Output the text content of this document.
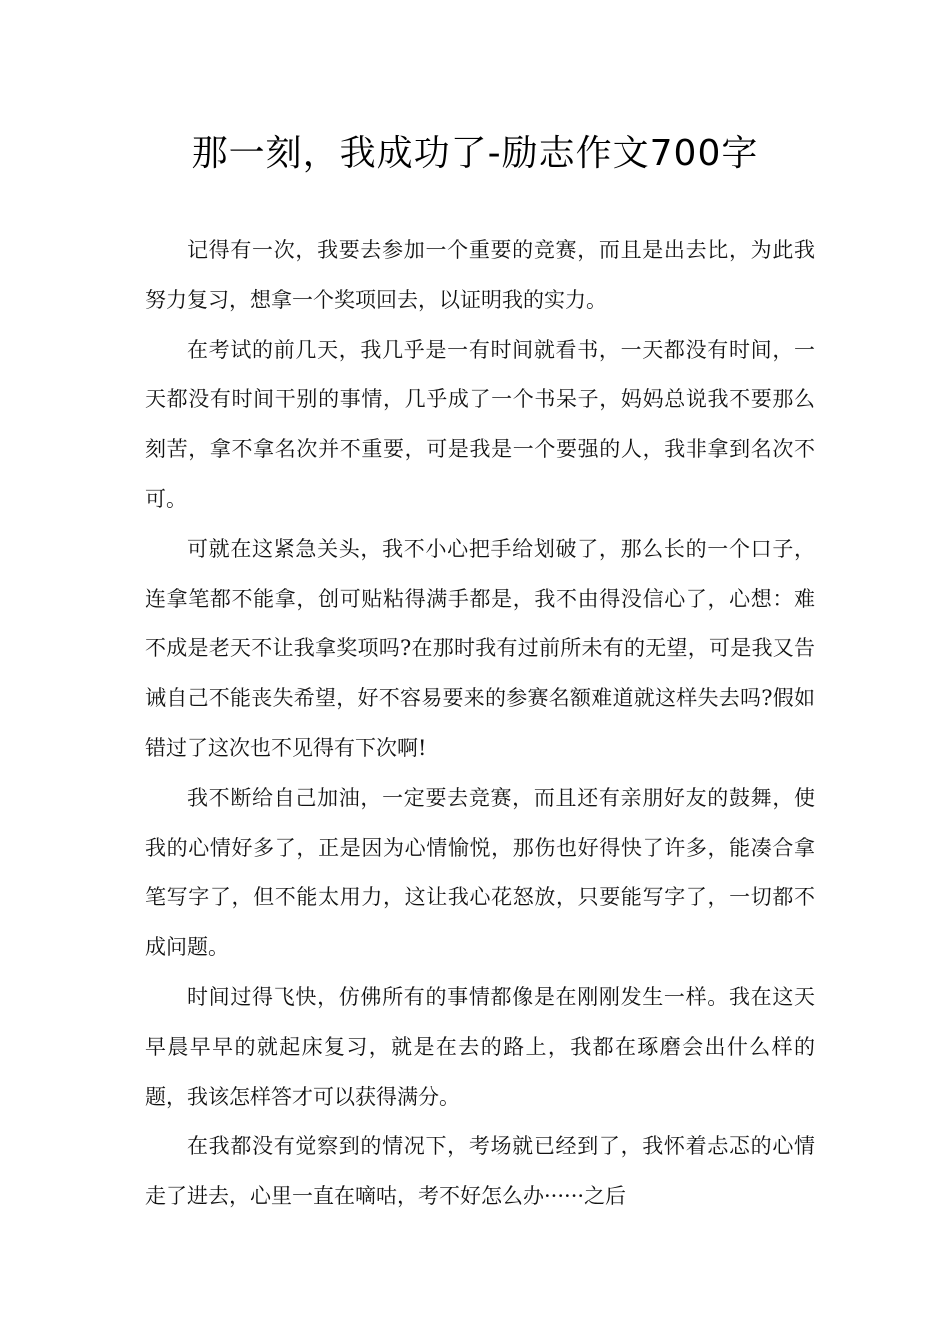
那一刻，我成功了-励志作文700字

记得有一次，我要去参加一个重要的竞赛，而且是出去比，为此我努力复习，想拿一个奖项回去，以证明我的实力。

在考试的前几天，我几乎是一有时间就看书，一天都没有时间，一天都没有时间干别的事情，几乎成了一个书呆子，妈妈总说我不要那么刻苦，拿不拿名次并不重要，可是我是一个要强的人，我非拿到名次不可。

可就在这紧急关头，我不小心把手给划破了，那么长的一个口子，连拿笔都不能拿，创可贴粘得满手都是，我不由得没信心了，心想：难不成是老天不让我拿奖项吗?在那时我有过前所未有的无望，可是我又告诫自己不能丧失希望，好不容易要来的参赛名额难道就这样失去吗?假如错过了这次也不见得有下次啊!

我不断给自己加油，一定要去竞赛，而且还有亲朋好友的鼓舞，使我的心情好多了，正是因为心情愉悦，那伤也好得快了许多，能凑合拿笔写字了，但不能太用力，这让我心花怒放，只要能写字了，一切都不成问题。

时间过得飞快，仿佛所有的事情都像是在刚刚发生一样。我在这天早晨早早的就起床复习，就是在去的路上，我都在琢磨会出什么样的题，我该怎样答才可以获得满分。

在我都没有觉察到的情况下，考场就已经到了，我怀着忐忑的心情走了进去，心里一直在嘀咕，考不好怎么办······之后
